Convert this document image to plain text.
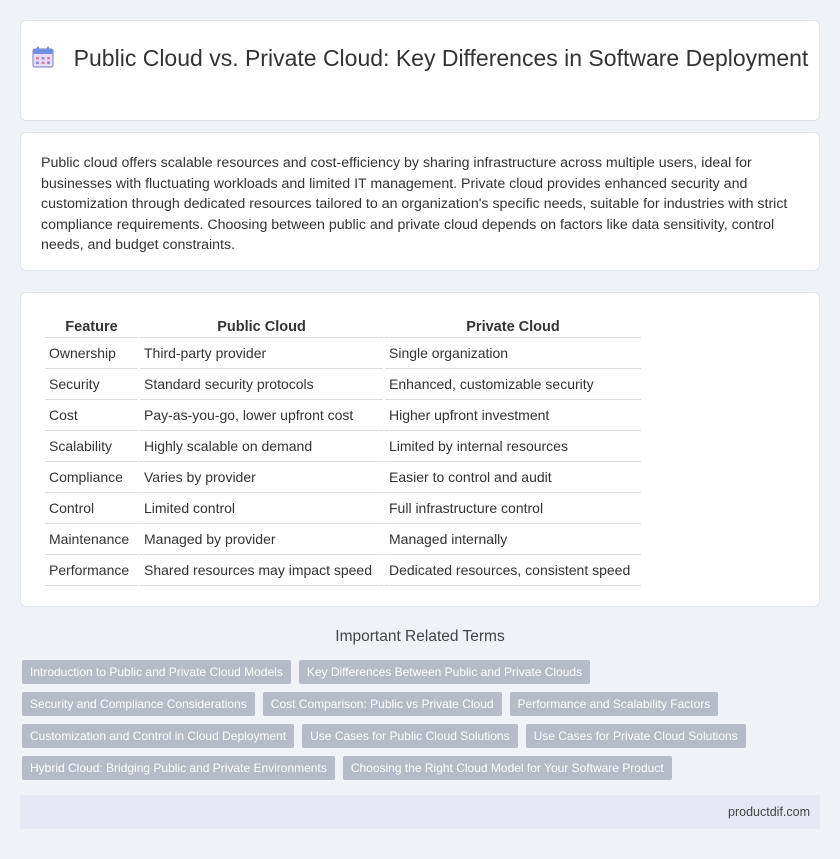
Public Cloud vs. Private Cloud: Key Differences in Software Deployment

Public cloud offers scalable resources and cost-efficiency by sharing infrastructure across multiple users, ideal for businesses with fluctuating workloads and limited IT management. Private cloud provides enhanced security and customization through dedicated resources tailored to an organization's specific needs, suitable for industries with strict compliance requirements. Choosing between public and private cloud depends on factors like data sensitivity, control needs, and budget constraints.

Feature	Public Cloud	Private Cloud
Ownership	Third-party provider	Single organization
Security	Standard security protocols	Enhanced, customizable security
Cost	Pay-as-you-go, lower upfront cost	Higher upfront investment
Scalability	Highly scalable on demand	Limited by internal resources
Compliance	Varies by provider	Easier to control and audit
Control	Limited control	Full infrastructure control
Maintenance	Managed by provider	Managed internally
Performance	Shared resources may impact speed	Dedicated resources, consistent speed
Important Related Terms
Introduction to Public and Private Cloud Models	Key Differences Between Public and Private Clouds
Security and Compliance Considerations	Cost Comparison: Public vs Private Cloud	Performance and Scalability Factors
Customization and Control in Cloud Deployment	Use Cases for Public Cloud Solutions	Use Cases for Private Cloud Solutions
Hybrid Cloud: Bridging Public and Private Environments	Choosing the Right Cloud Model for Your Software Product
productdif.com
